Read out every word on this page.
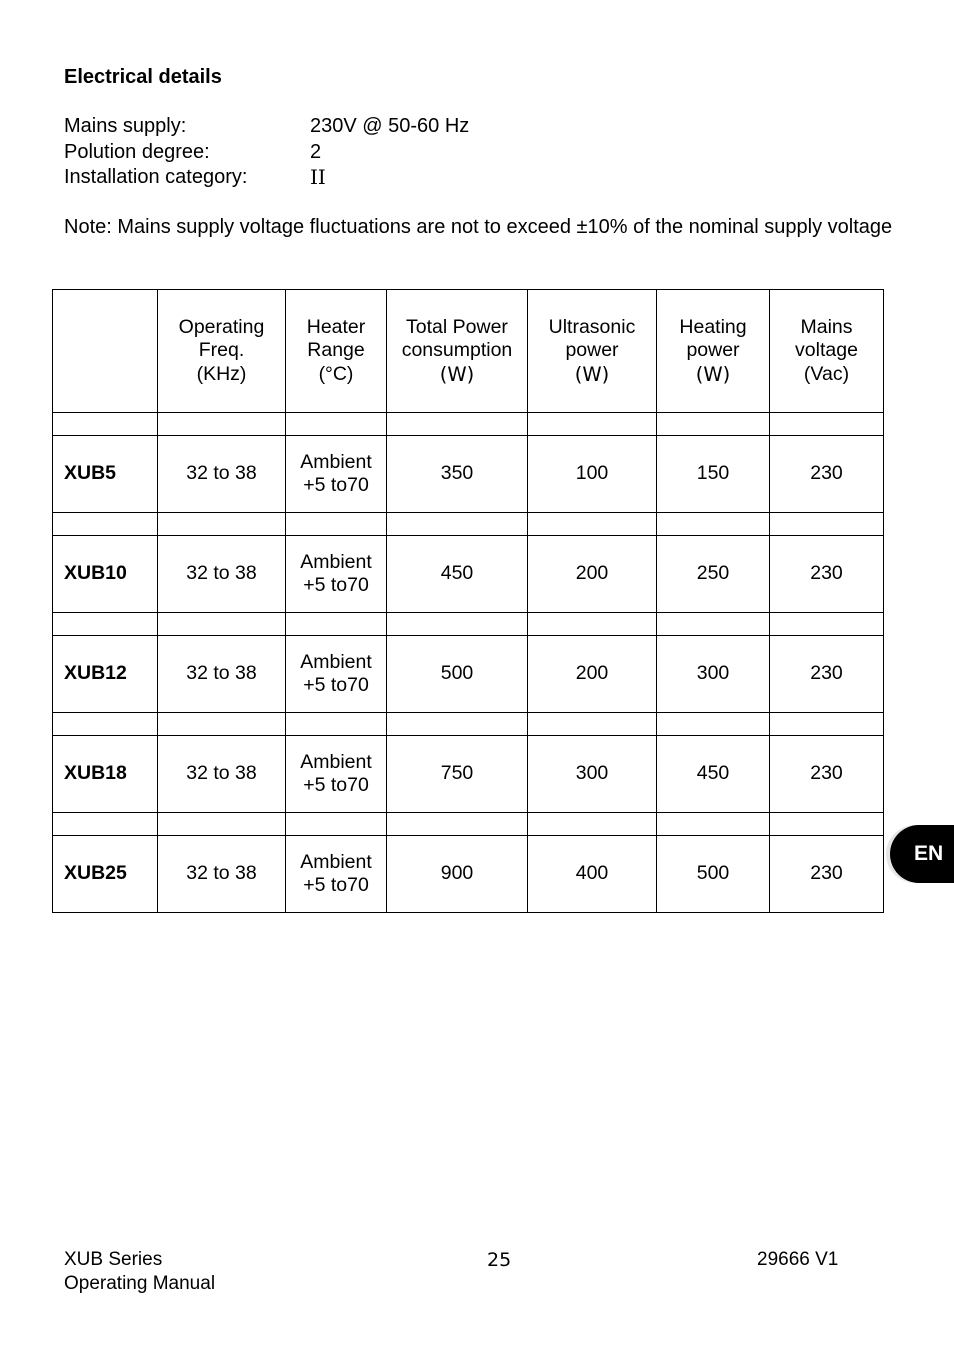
Electrical details
Mains supply:	230V @ 50-60 Hz
Polution degree:	2
Installation category:	II
Note: Mains supply voltage fluctuations are not to exceed ±10% of the nominal supply voltage

	Operating
Freq.
(KHz)	Heater
Range
(°C)	Total Power
consumption
(W)	Ultrasonic
power
(W)	Heating
power
(W)	Mains
voltage
(Vac)

XUB5	32 to 38	Ambient
+5 to70	350	100	150	230

XUB10	32 to 38	Ambient
+5 to70	450	200	250	230

XUB12	32 to 38	Ambient
+5 to70	500	200	300	230

XUB18	32 to 38	Ambient
+5 to70	750	300	450	230

XUB25	32 to 38	Ambient
+5 to70	900	400	500	230
EN
XUB Series
Operating Manual
25	29666 V1
